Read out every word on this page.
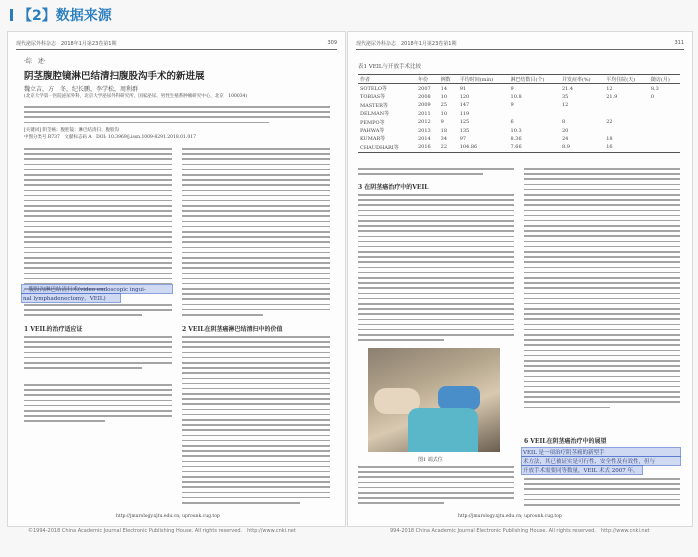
【2】数据来源
现代泌尿外科杂志　2018年1月第23卷第1期	309
·综　述·
阴茎腹腔镜淋巴结清扫腹股沟手术的新进展
魏立吉，方　冬，纪长鹏，李学松，周利群
(北京大学第一医院泌尿外科，北京大学泌尿外科研究所，国家泌尿、男性生殖系肿瘤研究中心，北京　100034)
[关键词] 阴茎癌；腹腔镜；淋巴结清扫；腹股沟
中图分类号 R737　文献标志码 A　DOI: 10.3969/j.issn.1009-8291.2018.01.017
，腹股沟淋巴结清扫术(video endoscopic ingui-
nal lymphadenectomy，VEIL)
1 VEIL的治疗适应证	2 VEIL在阴茎癌淋巴结清扫中的价值
http://jmurology.xjtu.edu.cn; uprounk.cug.top
现代泌尿外科杂志　2018年1月第23卷第1期	311
表1 VEIL与开放手术比较
作者	年份	例数	平均时间(min)	淋巴结数目(个)	并发症率(%)	平均住院(天)	随访(月)
SOTELO等	2007	14	91	9	21.4	12	8.3
TOBIAS等	2008	10	120	10.8	35	21.9	0
MASTER等	2009	25	147	9	12		
DELMAN等	2011	10	119				
PEMPO等	2012	9	125	6	8	22	
PAHWA等	2013	18	135	10.3	20		
KUMAR等	2014	34	97	8.36	24	18	
CHAUDHARI等	2016	22	104.86	7.66	8.9	16	
3 在阴茎癌治疗中的VEIL
图1 端式位
6 VEIL在阴茎癌治疗中的展望
VEIL 是一项治疗阴茎癌的新型手
术方法，其已被证实是可行性、安全性及有效性，但与
开放手术需要同等数量，VEIL 术式 2007 年，
http://jmurology.xjtu.edu.cn; uprounk.cug.top
©1994-2018 China Academic Journal Electronic Publishing House. All rights reserved.　http://www.cnki.net	994-2018 China Academic Journal Electronic Publishing House. All rights reserved.　http://www.cnki.net
